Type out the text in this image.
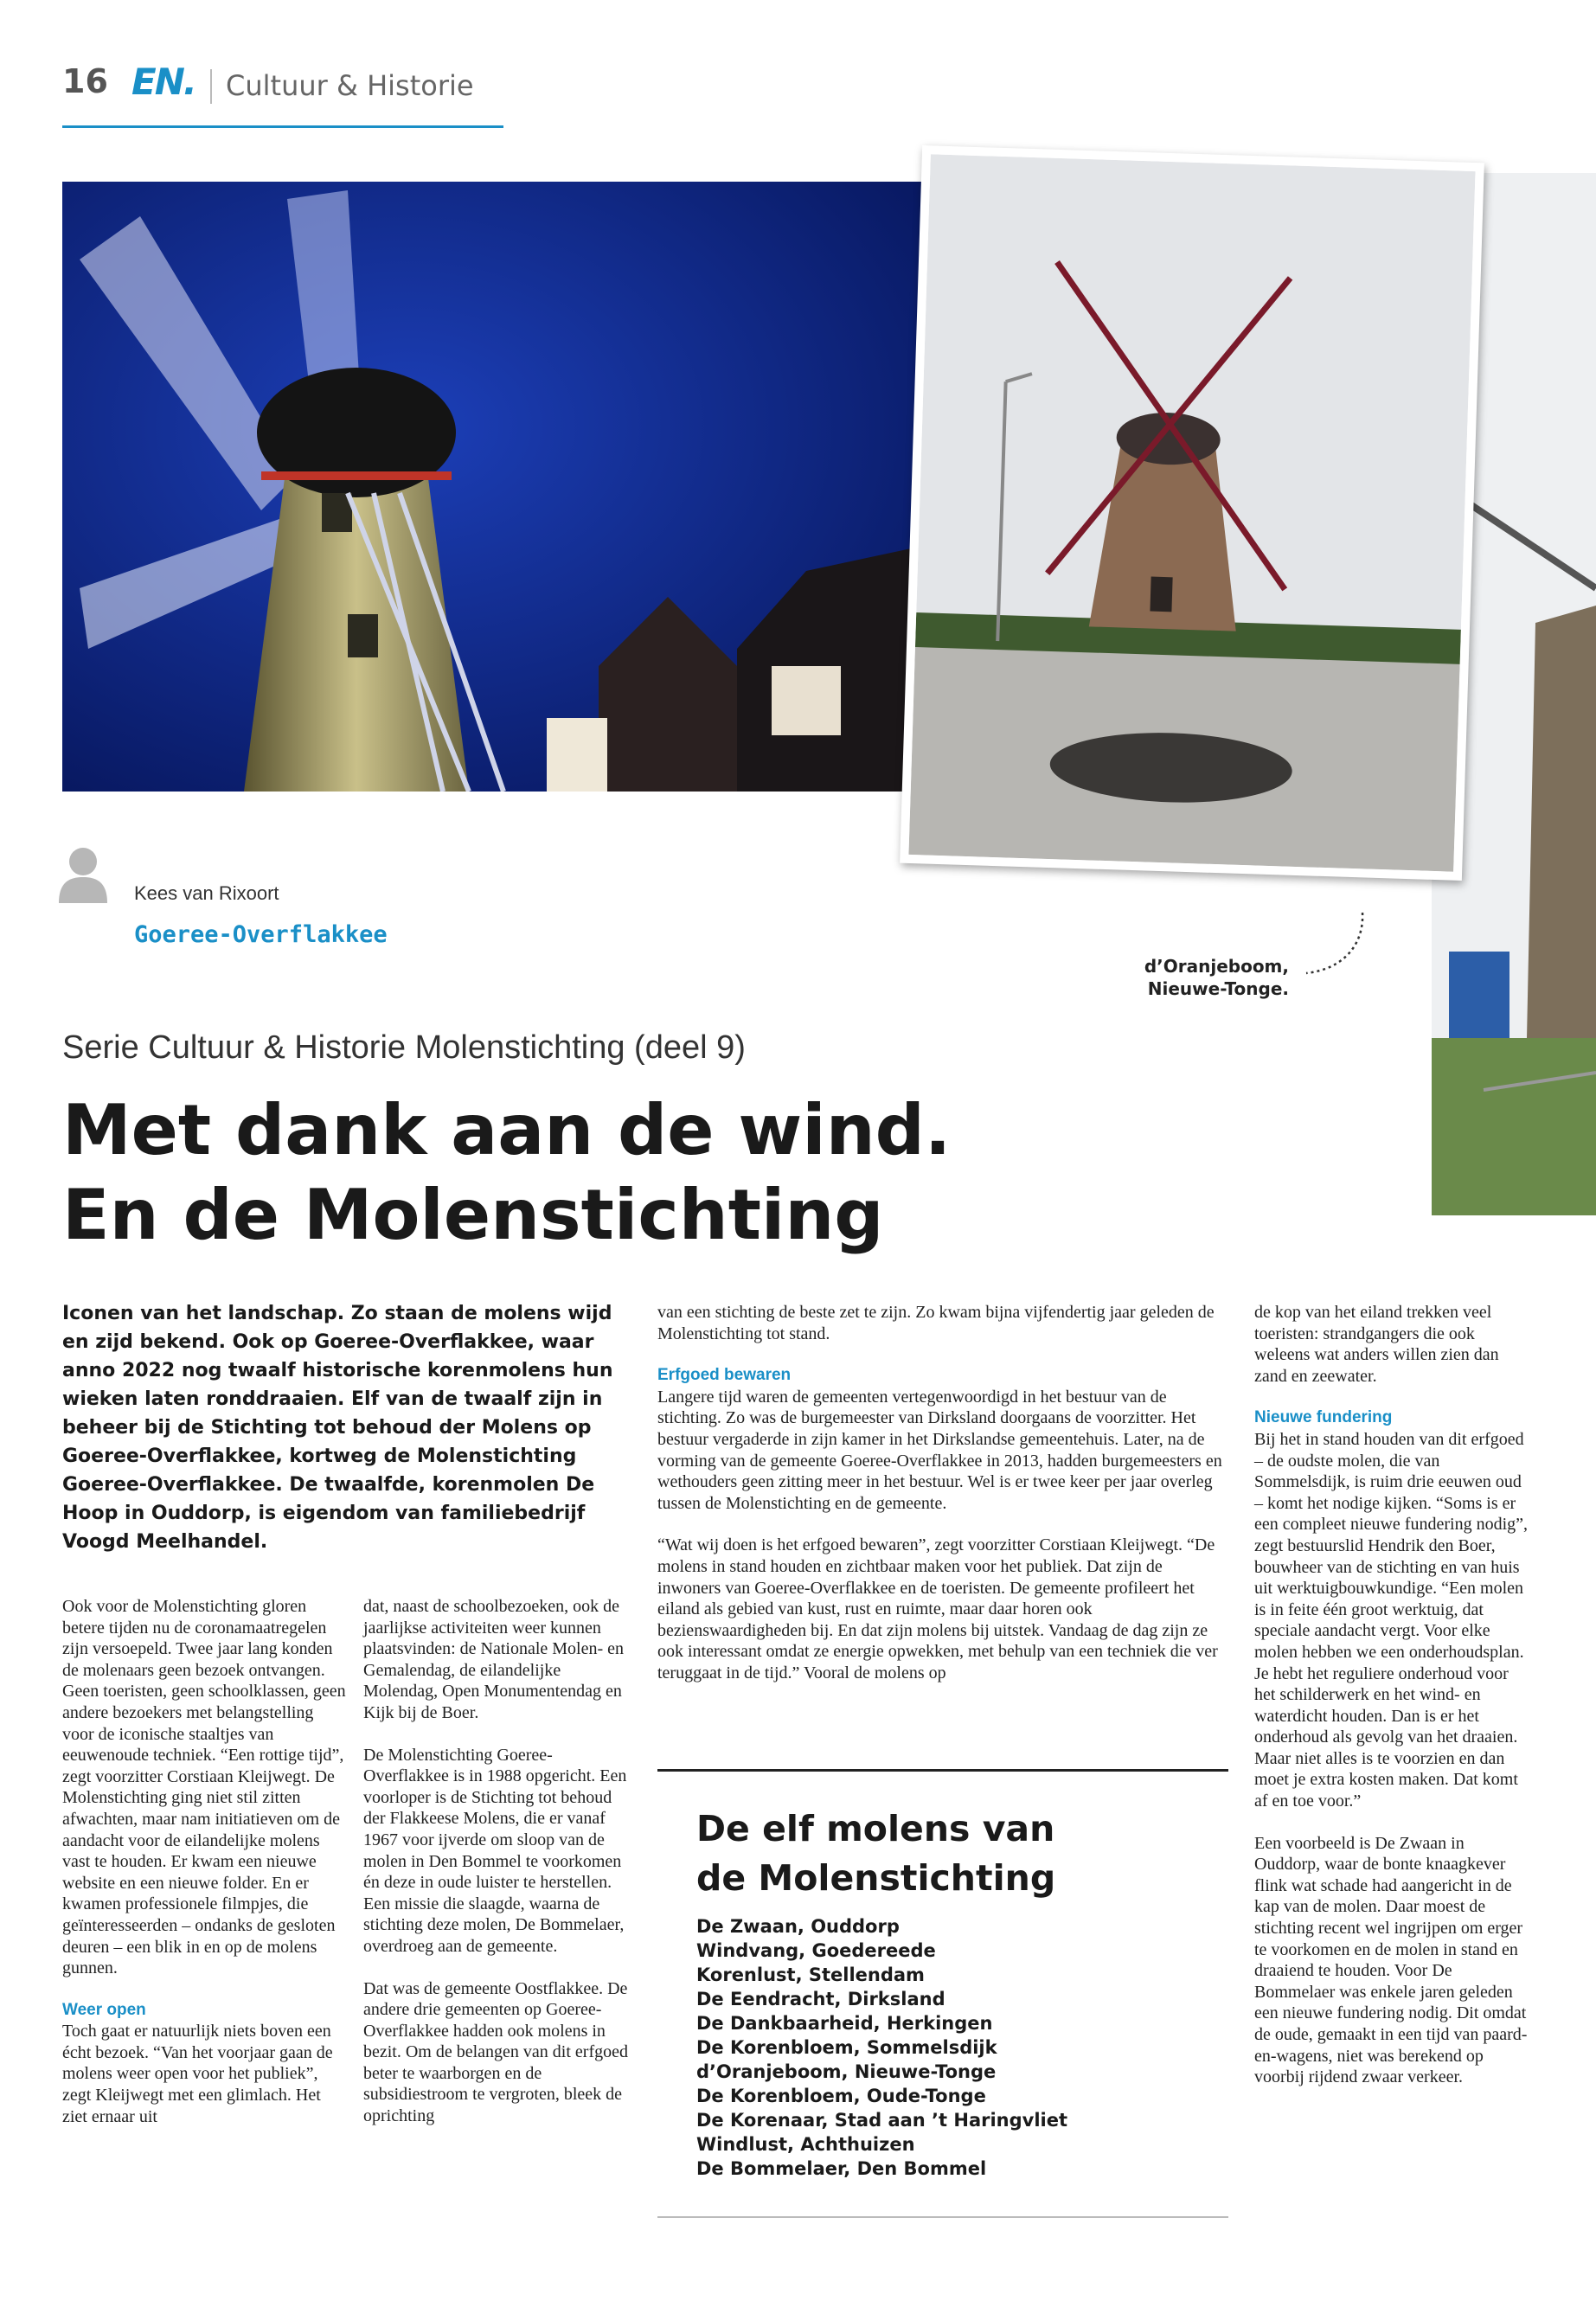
16 EN. Cultuur & Historie
Kees van Rixoort
Goeree-Overflakkee
d’Oranjeboom,
Nieuwe-Tonge.
Serie Cultuur & Historie Molenstichting (deel 9)
Met dank aan de wind.
En de Molenstichting
Iconen van het landschap. Zo staan de molens wijd en zijd bekend. Ook op Goeree-Overflakkee, waar anno 2022 nog twaalf historische korenmolens hun wieken laten ronddraaien. Elf van de twaalf zijn in beheer bij de Stichting tot behoud der Molens op Goeree-Overflakkee, kortweg de Molenstichting Goeree-Overflakkee. De twaalfde, korenmolen De Hoop in Ouddorp, is eigendom van familiebedrijf Voogd Meelhandel.

Ook voor de Molenstichting gloren betere tijden nu de coronamaatregelen zijn versoepeld. Twee jaar lang konden de molenaars geen bezoek ontvangen. Geen toeristen, geen schoolklassen, geen andere bezoekers met belangstelling voor de iconische staaltjes van eeuwenoude techniek. “Een rottige tijd”, zegt voorzitter Corstiaan Kleijwegt. De Molenstichting ging niet stil zitten afwachten, maar nam initiatieven om de aandacht voor de eilandelijke molens vast te houden. Er kwam een nieuwe website en een nieuwe folder. En er kwamen professionele filmpjes, die geïnteresseerden – ondanks de gesloten deuren – een blik in en op de molens gunnen.

Weer open

Toch gaat er natuurlijk niets boven een écht bezoek. “Van het voorjaar gaan de molens weer open voor het publiek”, zegt Kleijwegt met een glimlach. Het ziet ernaar uit

dat, naast de schoolbezoeken, ook de jaarlijkse activiteiten weer kunnen plaatsvinden: de Nationale Molen- en Gemalendag, de eilandelijke Molendag, Open Monumentendag en Kijk bij de Boer.

De Molenstichting Goeree-Overflakkee is in 1988 opgericht. Een voorloper is de Stichting tot behoud der Flakkeese Molens, die er vanaf 1967 voor ijverde om sloop van de molen in Den Bommel te voorkomen én deze in oude luister te herstellen. Een missie die slaagde, waarna de stichting deze molen, De Bommelaer, overdroeg aan de gemeente.

Dat was de gemeente Oostflakkee. De andere drie gemeenten op Goeree-Overflakkee hadden ook molens in bezit. Om de belangen van dit erfgoed beter te waarborgen en de subsidiestroom te vergroten, bleek de oprichting

van een stichting de beste zet te zijn. Zo kwam bijna vijfendertig jaar geleden de Molenstichting tot stand.

Erfgoed bewaren

Langere tijd waren de gemeenten vertegenwoordigd in het bestuur van de stichting. Zo was de burgemeester van Dirksland doorgaans de voorzitter. Het bestuur vergaderde in zijn kamer in het Dirkslandse gemeentehuis. Later, na de vorming van de gemeente Goeree-Overflakkee in 2013, hadden burgemeesters en wethouders geen zitting meer in het bestuur. Wel is er twee keer per jaar overleg tussen de Molenstichting en de gemeente.

“Wat wij doen is het erfgoed bewaren”, zegt voorzitter Corstiaan Kleijwegt. “De molens in stand houden en zichtbaar maken voor het publiek. Dat zijn de inwoners van Goeree-Overflakkee en de toeristen. De gemeente profileert het eiland als gebied van kust, rust en ruimte, maar daar horen ook bezienswaardigheden bij. En dat zijn molens bij uitstek. Vandaag de dag zijn ze ook interessant omdat ze energie opwekken, met behulp van een techniek die ver teruggaat in de tijd.” Vooral de molens op

de kop van het eiland trekken veel toeristen: strandgangers die ook weleens wat anders willen zien dan zand en zeewater.

Nieuwe fundering

Bij het in stand houden van dit erfgoed – de oudste molen, die van Sommelsdijk, is ruim drie eeuwen oud – komt het nodige kijken. “Soms is er een compleet nieuwe fundering nodig”, zegt bestuurslid Hendrik den Boer, bouwheer van de stichting en van huis uit werktuigbouwkundige. “Een molen is in feite één groot werktuig, dat speciale aandacht vergt. Voor elke molen hebben we een onderhoudsplan. Je hebt het reguliere onderhoud voor het schilderwerk en het wind- en waterdicht houden. Dan is er het onderhoud als gevolg van het draaien. Maar niet alles is te voorzien en dan moet je extra kosten maken. Dat komt af en toe voor.”

Een voorbeeld is De Zwaan in Ouddorp, waar de bonte knaagkever flink wat schade had aangericht in de kap van de molen. Daar moest de stichting recent wel ingrijpen om erger te voorkomen en de molen in stand en draaiend te houden. Voor De Bommelaer was enkele jaren geleden een nieuwe fundering nodig. Dit omdat de oude, gemaakt in een tijd van paard-en-wagens, niet was berekend op voorbij rijdend zwaar verkeer.

De elf molens van
de Molenstichting
De Zwaan, Ouddorp
Windvang, Goedereede
Korenlust, Stellendam
De Eendracht, Dirksland
De Dankbaarheid, Herkingen
De Korenbloem, Sommelsdijk
d’Oranjeboom, Nieuwe-Tonge
De Korenbloem, Oude-Tonge
De Korenaar, Stad aan ’t Haringvliet
Windlust, Achthuizen
De Bommelaer, Den Bommel
